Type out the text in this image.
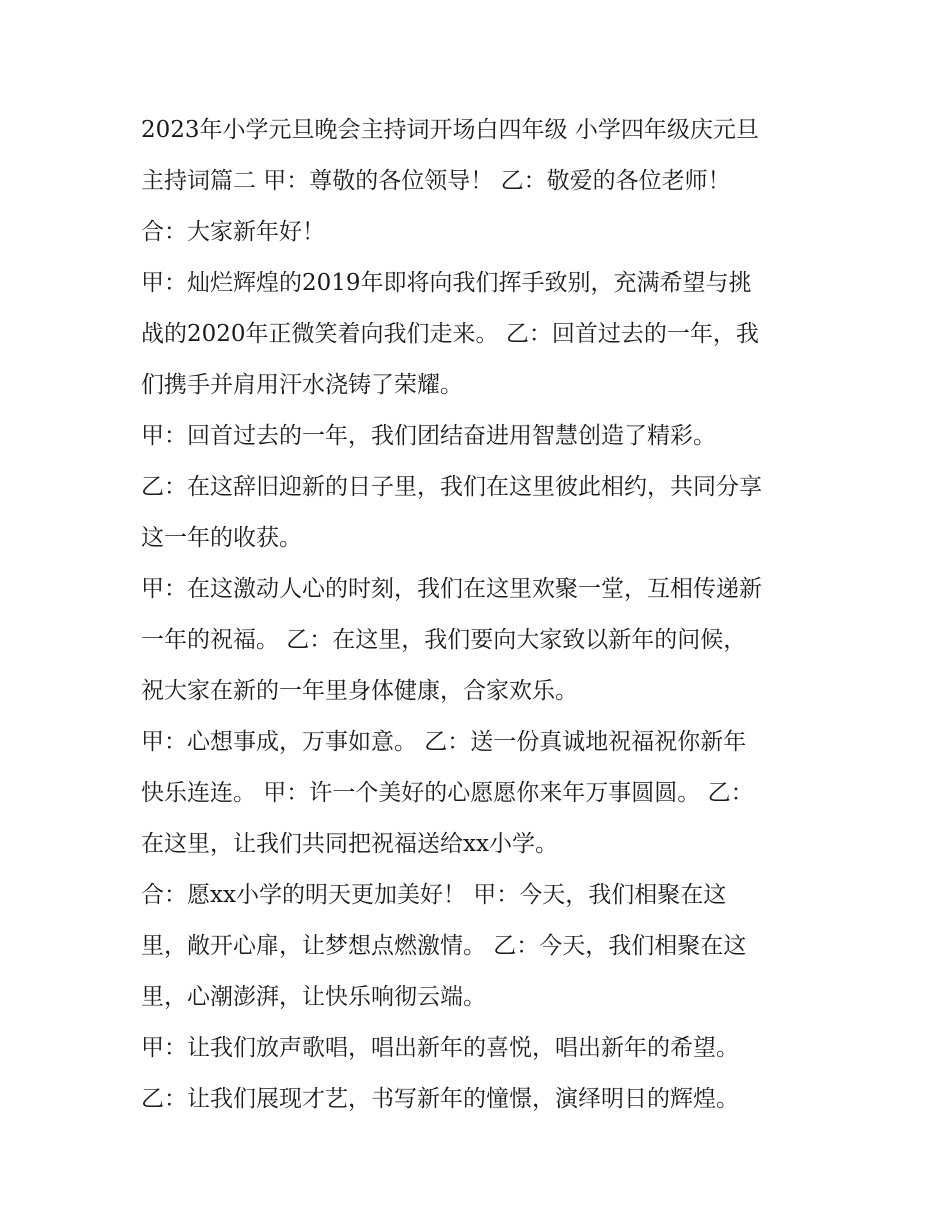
2023年小学元旦晚会主持词开场白四年级 小学四年级庆元旦
主持词篇二 甲：尊敬的各位领导！ 乙：敬爱的各位老师！
合：大家新年好！
甲：灿烂辉煌的2019年即将向我们挥手致别，充满希望与挑
战的2020年正微笑着向我们走来。 乙：回首过去的一年，我
们携手并肩用汗水浇铸了荣耀。
甲：回首过去的一年，我们团结奋进用智慧创造了精彩。
乙：在这辞旧迎新的日子里，我们在这里彼此相约，共同分享
这一年的收获。
甲：在这激动人心的时刻，我们在这里欢聚一堂，互相传递新
一年的祝福。 乙：在这里，我们要向大家致以新年的问候，
祝大家在新的一年里身体健康，合家欢乐。
甲：心想事成，万事如意。 乙：送一份真诚地祝福祝你新年
快乐连连。 甲：许一个美好的心愿愿你来年万事圆圆。 乙：
在这里，让我们共同把祝福送给xx小学。
合：愿xx小学的明天更加美好！ 甲：今天，我们相聚在这
里，敞开心扉，让梦想点燃激情。 乙：今天，我们相聚在这
里，心潮澎湃，让快乐响彻云端。
甲：让我们放声歌唱，唱出新年的喜悦，唱出新年的希望。
乙：让我们展现才艺，书写新年的憧憬，演绎明日的辉煌。
